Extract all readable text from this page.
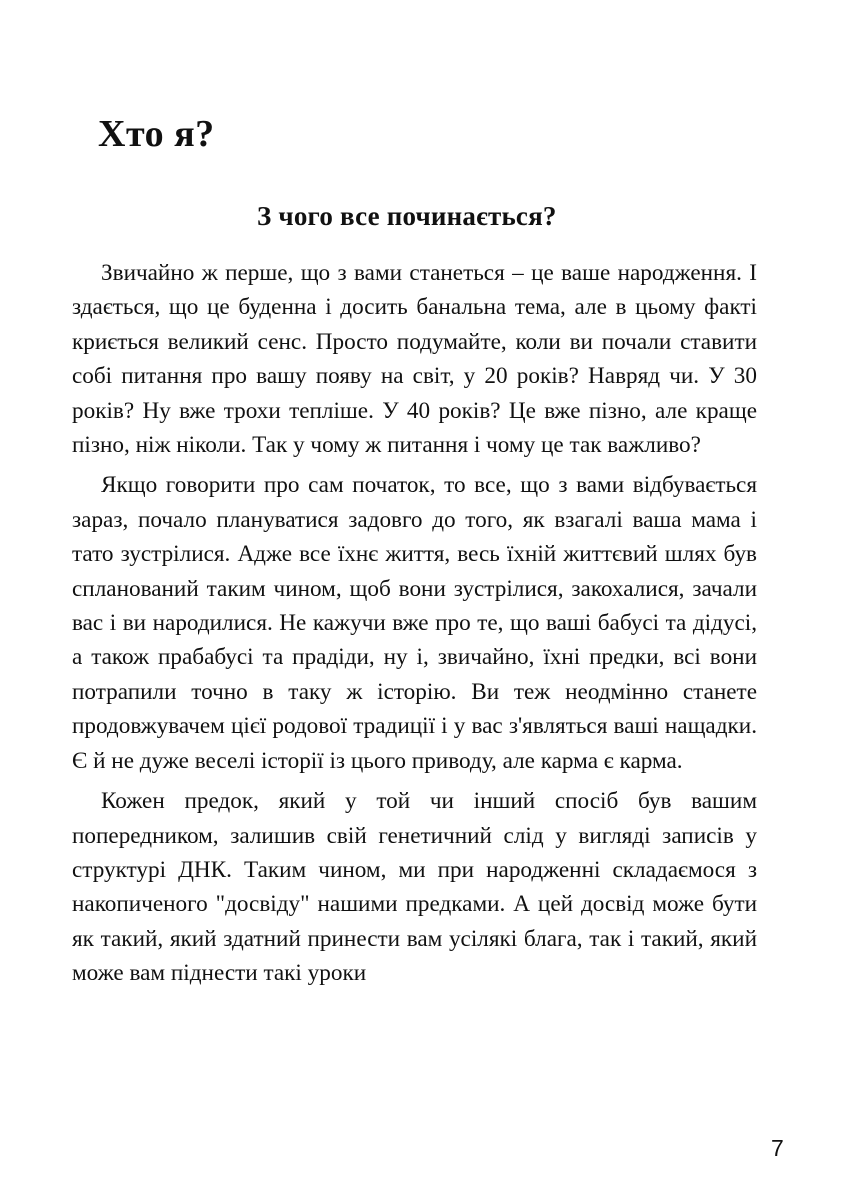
Хто я?
З чого все починається?

Звичайно ж перше, що з вами станеться – це ваше народження. І здається, що це буденна і досить банальна тема, але в цьому факті криється великий сенс. Просто подумайте, коли ви почали ставити собі питання про вашу появу на світ, у 20 років? Навряд чи. У 30 років? Ну вже трохи тепліше. У 40 років? Це вже пізно, але краще пізно, ніж ніколи. Так у чому ж питання і чому це так важливо?

Якщо говорити про сам початок, то все, що з вами відбувається зараз, почало плануватися задовго до того, як взагалі ваша мама і тато зустрілися. Адже все їхнє життя, весь їхній життєвий шлях був спланований таким чином, щоб вони зустрілися, закохалися, зачали вас і ви народилися. Не кажучи вже про те, що ваші бабусі та дідусі, а також прабабусі та прадіди, ну і, звичайно, їхні предки, всі вони потрапили точно в таку ж історію. Ви теж неодмінно станете продовжувачем цієї родової традиції і у вас з'являться ваші нащадки. Є й не дуже веселі історії із цього приводу, але карма є карма.

Кожен предок, який у той чи інший спосіб був вашим попередником, залишив свій генетичний слід у вигляді записів у структурі ДНК. Таким чином, ми при народженні складаємося з накопиченого "досвіду" нашими предками. А цей досвід може бути як такий, який здатний принести вам усілякі блага, так і такий, який може вам піднести такі уроки

7
